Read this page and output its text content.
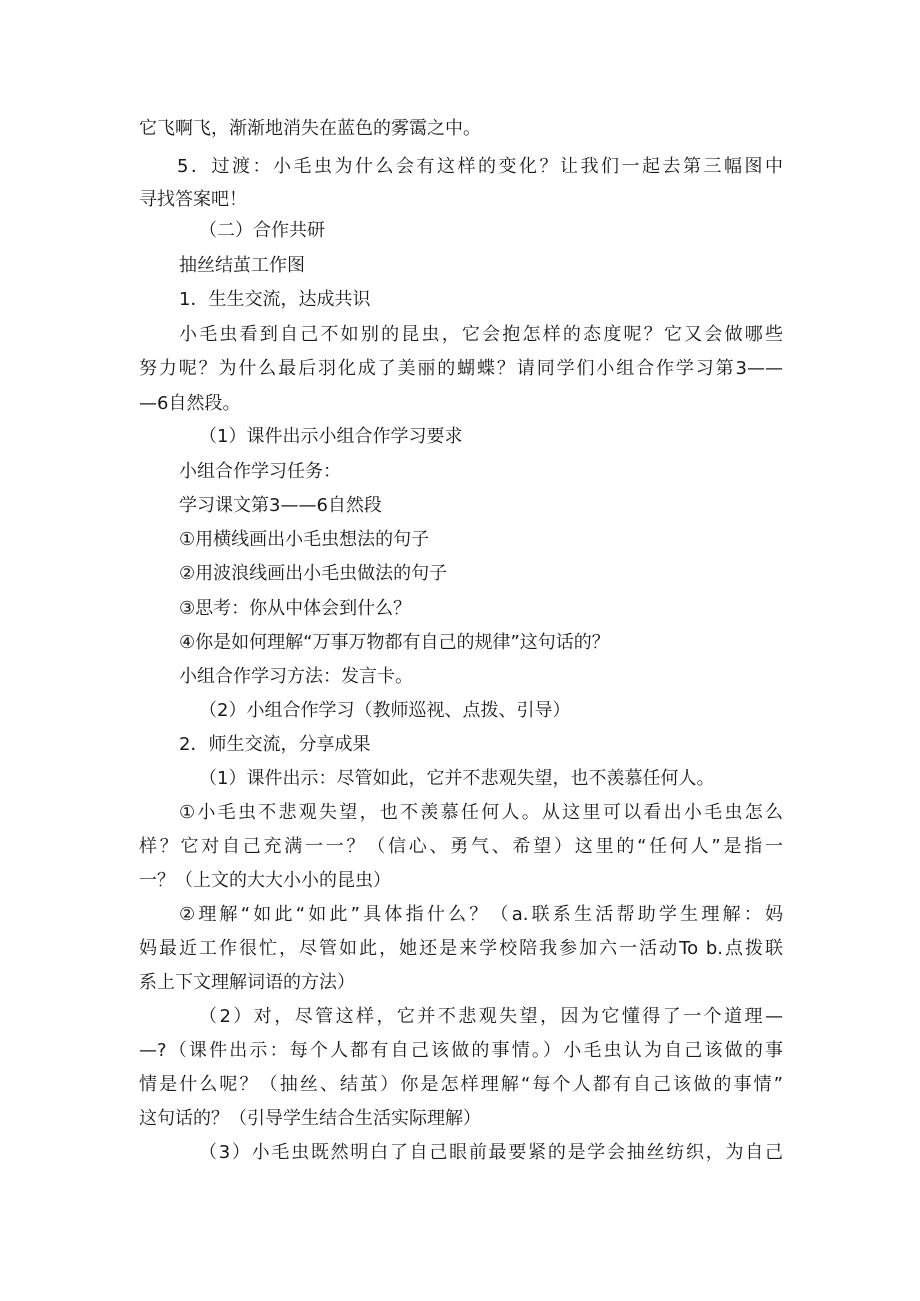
它飞啊飞，渐渐地消失在蓝色的雾霭之中。
5．过渡：小毛虫为什么会有这样的变化？让我们一起去第三幅图中
寻找答案吧！
（二）合作共研
抽丝结茧工作图
1．生生交流，达成共识
小毛虫看到自己不如别的昆虫，它会抱怎样的态度呢？它又会做哪些
努力呢？为什么最后羽化成了美丽的蝴蝶？请同学们小组合作学习第3——
—6自然段。
（1）课件出示小组合作学习要求
小组合作学习任务：
学习课文第3——6自然段
①用横线画出小毛虫想法的句子
②用波浪线画出小毛虫做法的句子
③思考：你从中体会到什么？
④你是如何理解“万事万物都有自己的规律”这句话的？
小组合作学习方法：发言卡。
（2）小组合作学习（教师巡视、点拨、引导）
2．师生交流，分享成果
（1）课件出示：尽管如此，它并不悲观失望，也不羡慕任何人。
①小毛虫不悲观失望，也不羡慕任何人。从这里可以看出小毛虫怎么
样？它对自己充满一一？（信心、勇气、希望）这里的“任何人”是指一
一？（上文的大大小小的昆虫）
②理解“如此“如此”具体指什么？（a.联系生活帮助学生理解：妈
妈最近工作很忙，尽管如此，她还是来学校陪我参加六一活动To b.点拨联
系上下文理解词语的方法）
（2）对，尽管这样，它并不悲观失望，因为它懂得了一个道理—
—?（课件出示：每个人都有自己该做的事情。）小毛虫认为自己该做的事
情是什么呢？（抽丝、结茧）你是怎样理解“每个人都有自己该做的事情”
这句话的？（引导学生结合生活实际理解）
（3）小毛虫既然明白了自己眼前最要紧的是学会抽丝纺织，为自己
